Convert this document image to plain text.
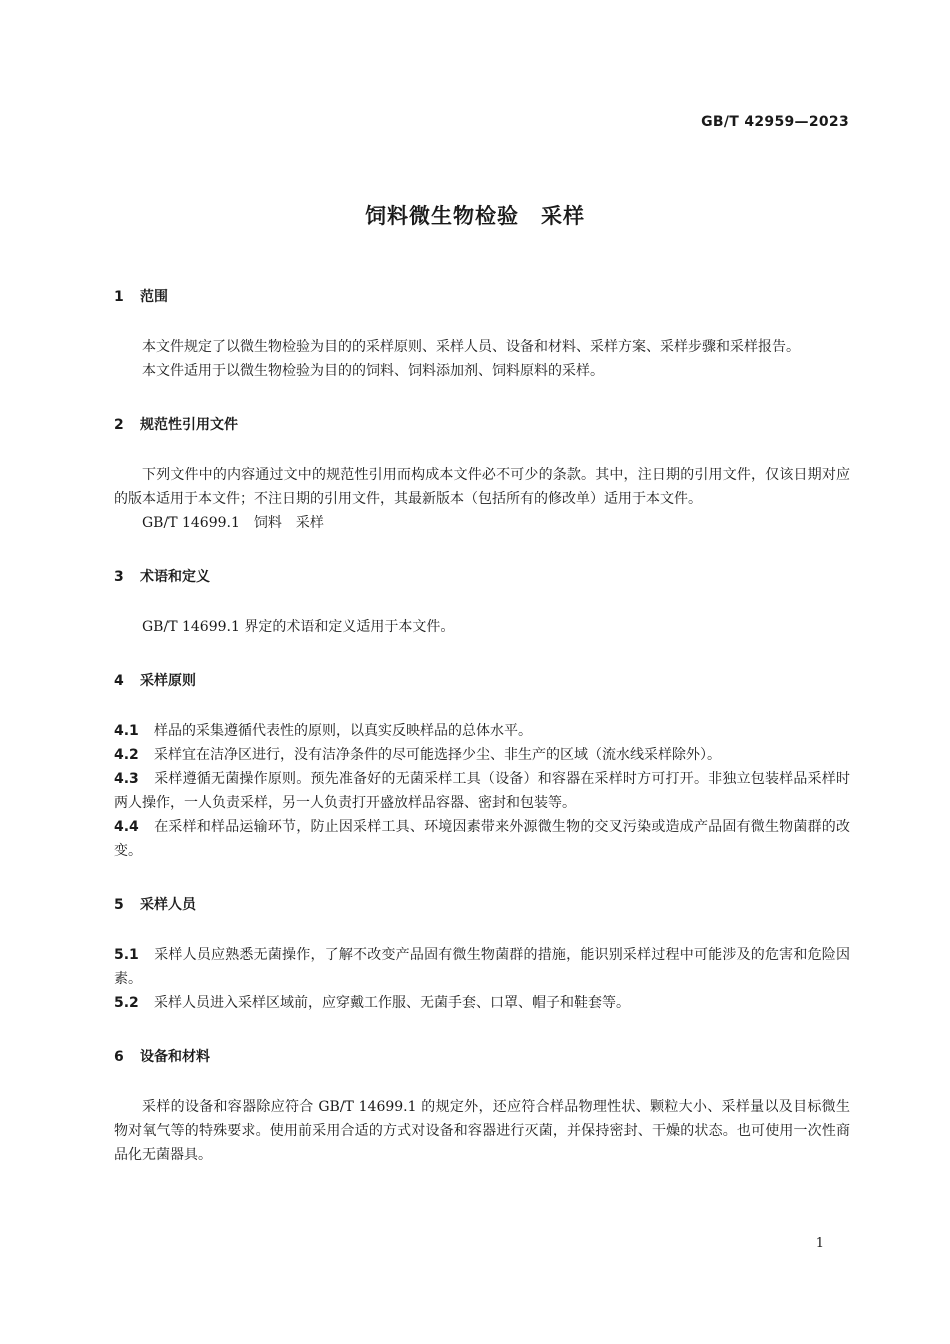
GB/T 42959—2023
饲料微生物检验　采样
1 范围

本文件规定了以微生物检验为目的的采样原则、采样人员、设备和材料、采样方案、采样步骤和采样报告。

本文件适用于以微生物检验为目的的饲料、饲料添加剂、饲料原料的采样。

2 规范性引用文件

下列文件中的内容通过文中的规范性引用而构成本文件必不可少的条款。其中，注日期的引用文件，仅该日期对应的版本适用于本文件；不注日期的引用文件，其最新版本（包括所有的修改单）适用于本文件。

GB/T 14699.1　饲料　采样

3 术语和定义

GB/T 14699.1 界定的术语和定义适用于本文件。

4 采样原则

4.1 样品的采集遵循代表性的原则，以真实反映样品的总体水平。

4.2 采样宜在洁净区进行，没有洁净条件的尽可能选择少尘、非生产的区域（流水线采样除外）。

4.3 采样遵循无菌操作原则。预先准备好的无菌采样工具（设备）和容器在采样时方可打开。非独立包装样品采样时两人操作，一人负责采样，另一人负责打开盛放样品容器、密封和包装等。

4.4 在采样和样品运输环节，防止因采样工具、环境因素带来外源微生物的交叉污染或造成产品固有微生物菌群的改变。

5 采样人员

5.1 采样人员应熟悉无菌操作，了解不改变产品固有微生物菌群的措施，能识别采样过程中可能涉及的危害和危险因素。

5.2 采样人员进入采样区域前，应穿戴工作服、无菌手套、口罩、帽子和鞋套等。

6 设备和材料

采样的设备和容器除应符合 GB/T 14699.1 的规定外，还应符合样品物理性状、颗粒大小、采样量以及目标微生物对氧气等的特殊要求。使用前采用合适的方式对设备和容器进行灭菌，并保持密封、干燥的状态。也可使用一次性商品化无菌器具。

1
